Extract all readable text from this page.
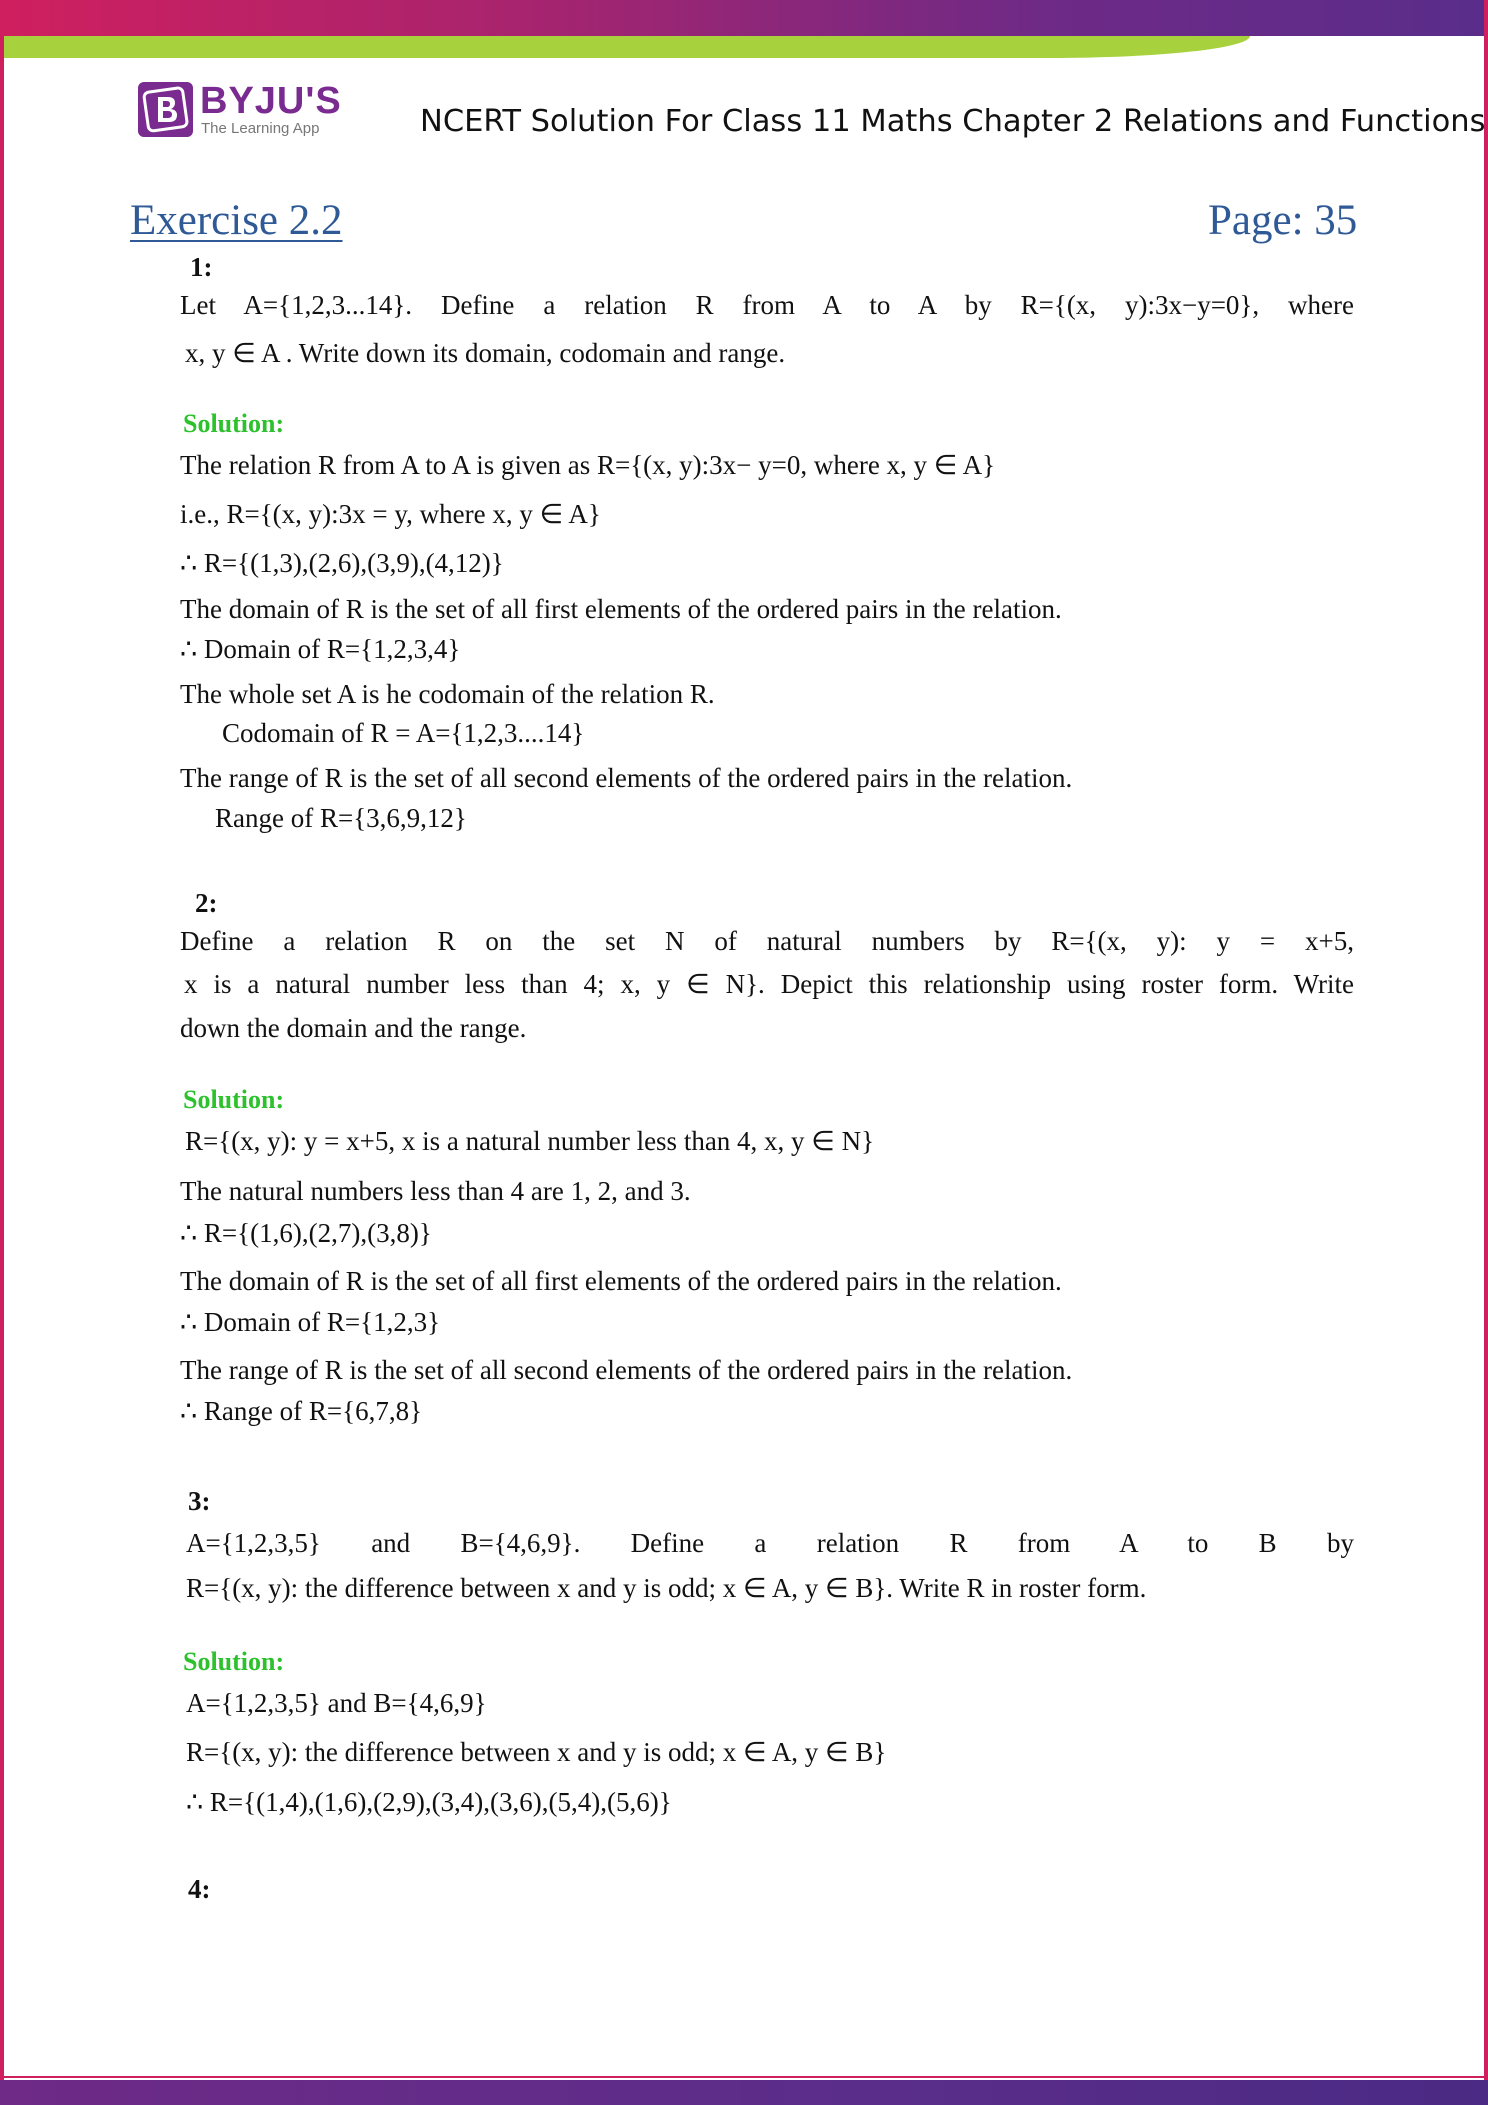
BYJU'S
The Learning App	NCERT Solution For Class 11 Maths Chapter 2 Relations and Functions
Exercise 2.2	Page: 35
1:
Let A={1,2,3...14}. Define a relation R from A to A by R={(x, y):3x−y=0}, where
x, y ∈ A . Write down its domain, codomain and range.
Solution:
The relation R from A to A is given as R={(x, y):3x− y=0, where x, y ∈ A}
i.e., R={(x, y):3x = y, where x, y ∈ A}
∴ R={(1,3),(2,6),(3,9),(4,12)}
The domain of R is the set of all first elements of the ordered pairs in the relation.
∴ Domain of R={1,2,3,4}
The whole set A is he codomain of the relation R.
Codomain of R = A={1,2,3....14}
The range of R is the set of all second elements of the ordered pairs in the relation.
Range of R={3,6,9,12}
2:
Define a relation R on the set N of natural numbers by R={(x, y): y = x+5,
x is a natural number less than 4; x, y ∈ N}. Depict this relationship using roster form. Write
down the domain and the range.
Solution:
R={(x, y): y = x+5, x is a natural number less than 4, x, y ∈ N}
The natural numbers less than 4 are 1, 2, and 3.
∴ R={(1,6),(2,7),(3,8)}
The domain of R is the set of all first elements of the ordered pairs in the relation.
∴ Domain of R={1,2,3}
The range of R is the set of all second elements of the ordered pairs in the relation.
∴ Range of R={6,7,8}
3:
A={1,2,3,5} and B={4,6,9}. Define a relation R from A to B by
R={(x, y): the difference between x and y is odd; x ∈ A, y ∈ B}. Write R in roster form.
Solution:
A={1,2,3,5} and B={4,6,9}
R={(x, y): the difference between x and y is odd; x ∈ A, y ∈ B}
∴ R={(1,4),(1,6),(2,9),(3,4),(3,6),(5,4),(5,6)}
4:
